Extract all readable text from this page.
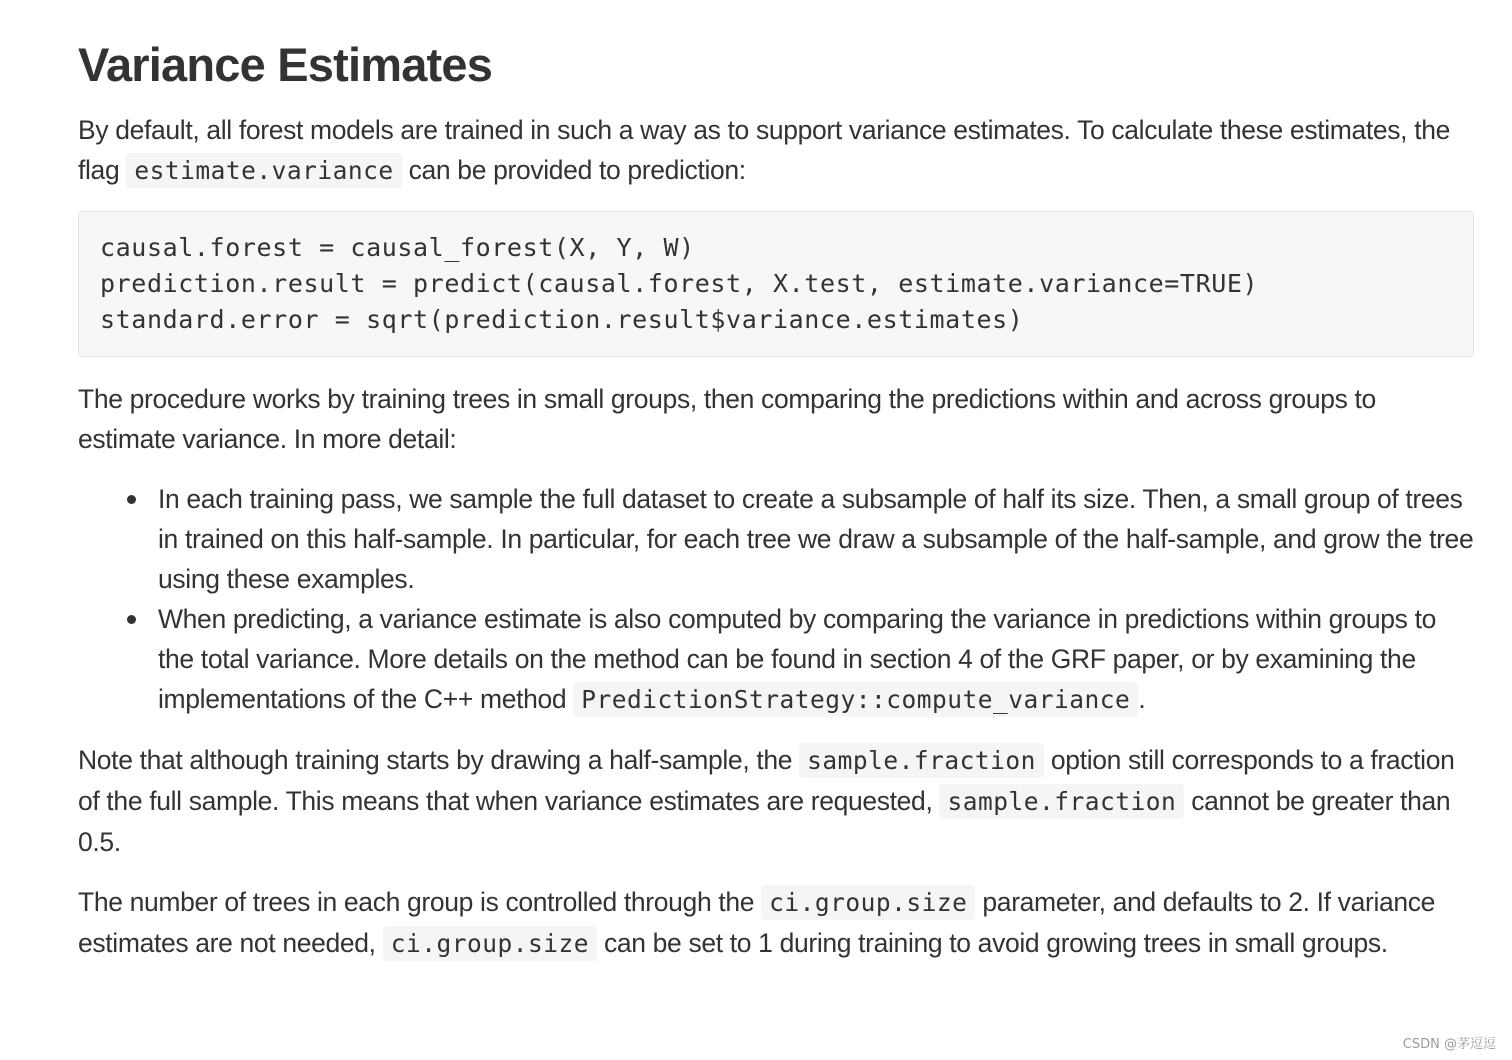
Variance Estimates

By default, all forest models are trained in such a way as to support variance estimates. To calculate these estimates, the flag estimate.variance can be provided to prediction:

causal.forest = causal_forest(X, Y, W)
prediction.result = predict(causal.forest, X.test, estimate.variance=TRUE)
standard.error = sqrt(prediction.result$variance.estimates)

The procedure works by training trees in small groups, then comparing the predictions within and across groups to estimate variance. In more detail:

In each training pass, we sample the full dataset to create a subsample of half its size. Then, a small group of trees in trained on this half-sample. In particular, for each tree we draw a subsample of the half-sample, and grow the tree using these examples.
When predicting, a variance estimate is also computed by comparing the variance in predictions within groups to the total variance. More details on the method can be found in section 4 of the GRF paper, or by examining the implementations of the C++ method PredictionStrategy::compute_variance .

Note that although training starts by drawing a half-sample, the sample.fraction option still corresponds to a fraction of the full sample. This means that when variance estimates are requested, sample.fraction cannot be greater than 0.5.

The number of trees in each group is controlled through the ci.group.size parameter, and defaults to 2. If variance estimates are not needed, ci.group.size can be set to 1 during training to avoid growing trees in small groups.

CSDN @茅逗逗
